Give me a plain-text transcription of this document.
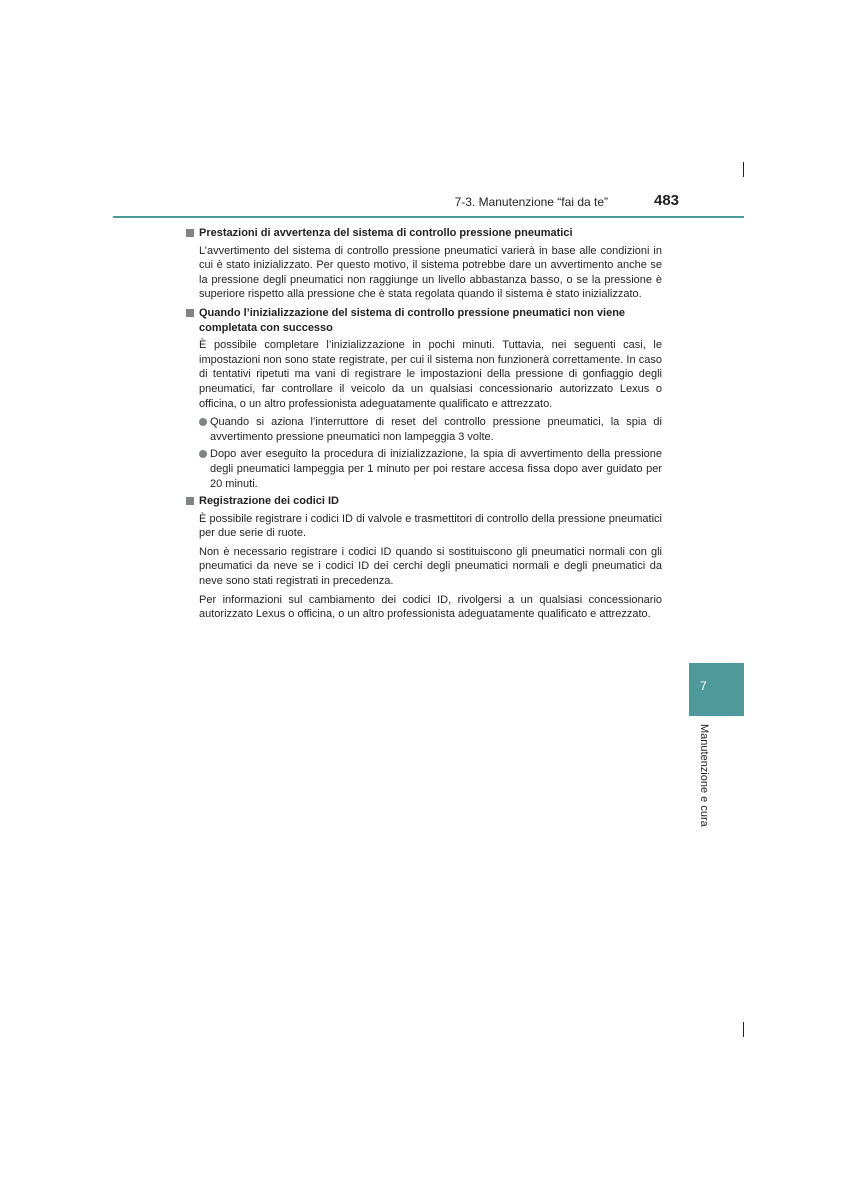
7-3. Manutenzione “fai da te”	483
Prestazioni di avvertenza del sistema di controllo pressione pneumatici
L’avvertimento del sistema di controllo pressione pneumatici varierà in base alle condizioni in cui è stato inizializzato. Per questo motivo, il sistema potrebbe dare un avvertimento anche se la pressione degli pneumatici non raggiunge un livello abbastanza basso, o se la pressione è superiore rispetto alla pressione che è stata regolata quando il sistema è stato inizializzato.
Quando l’inizializzazione del sistema di controllo pressione pneumatici non viene completata con successo
È possibile completare l’inizializzazione in pochi minuti. Tuttavia, nei seguenti casi, le impostazioni non sono state registrate, per cui il sistema non funzionerà correttamente. In caso di tentativi ripetuti ma vani di registrare le impostazioni della pressione di gonfiaggio degli pneumatici, far controllare il veicolo da un qualsiasi concessionario autorizzato Lexus o officina, o un altro professionista adeguatamente qualificato e attrezzato.
Quando si aziona l’interruttore di reset del controllo pressione pneumatici, la spia di avvertimento pressione pneumatici non lampeggia 3 volte.
Dopo aver eseguito la procedura di inizializzazione, la spia di avvertimento della pressione degli pneumatici lampeggia per 1 minuto per poi restare accesa fissa dopo aver guidato per 20 minuti.
Registrazione dei codici ID
È possibile registrare i codici ID di valvole e trasmettitori di controllo della pressione pneumatici per due serie di ruote.
Non è necessario registrare i codici ID quando si sostituiscono gli pneumatici normali con gli pneumatici da neve se i codici ID dei cerchi degli pneumatici normali e degli pneumatici da neve sono stati registrati in precedenza.
Per informazioni sul cambiamento dei codici ID, rivolgersi a un qualsiasi concessionario autorizzato Lexus o officina, o un altro professionista adeguatamente qualificato e attrezzato.
7
Manutenzione e cura
